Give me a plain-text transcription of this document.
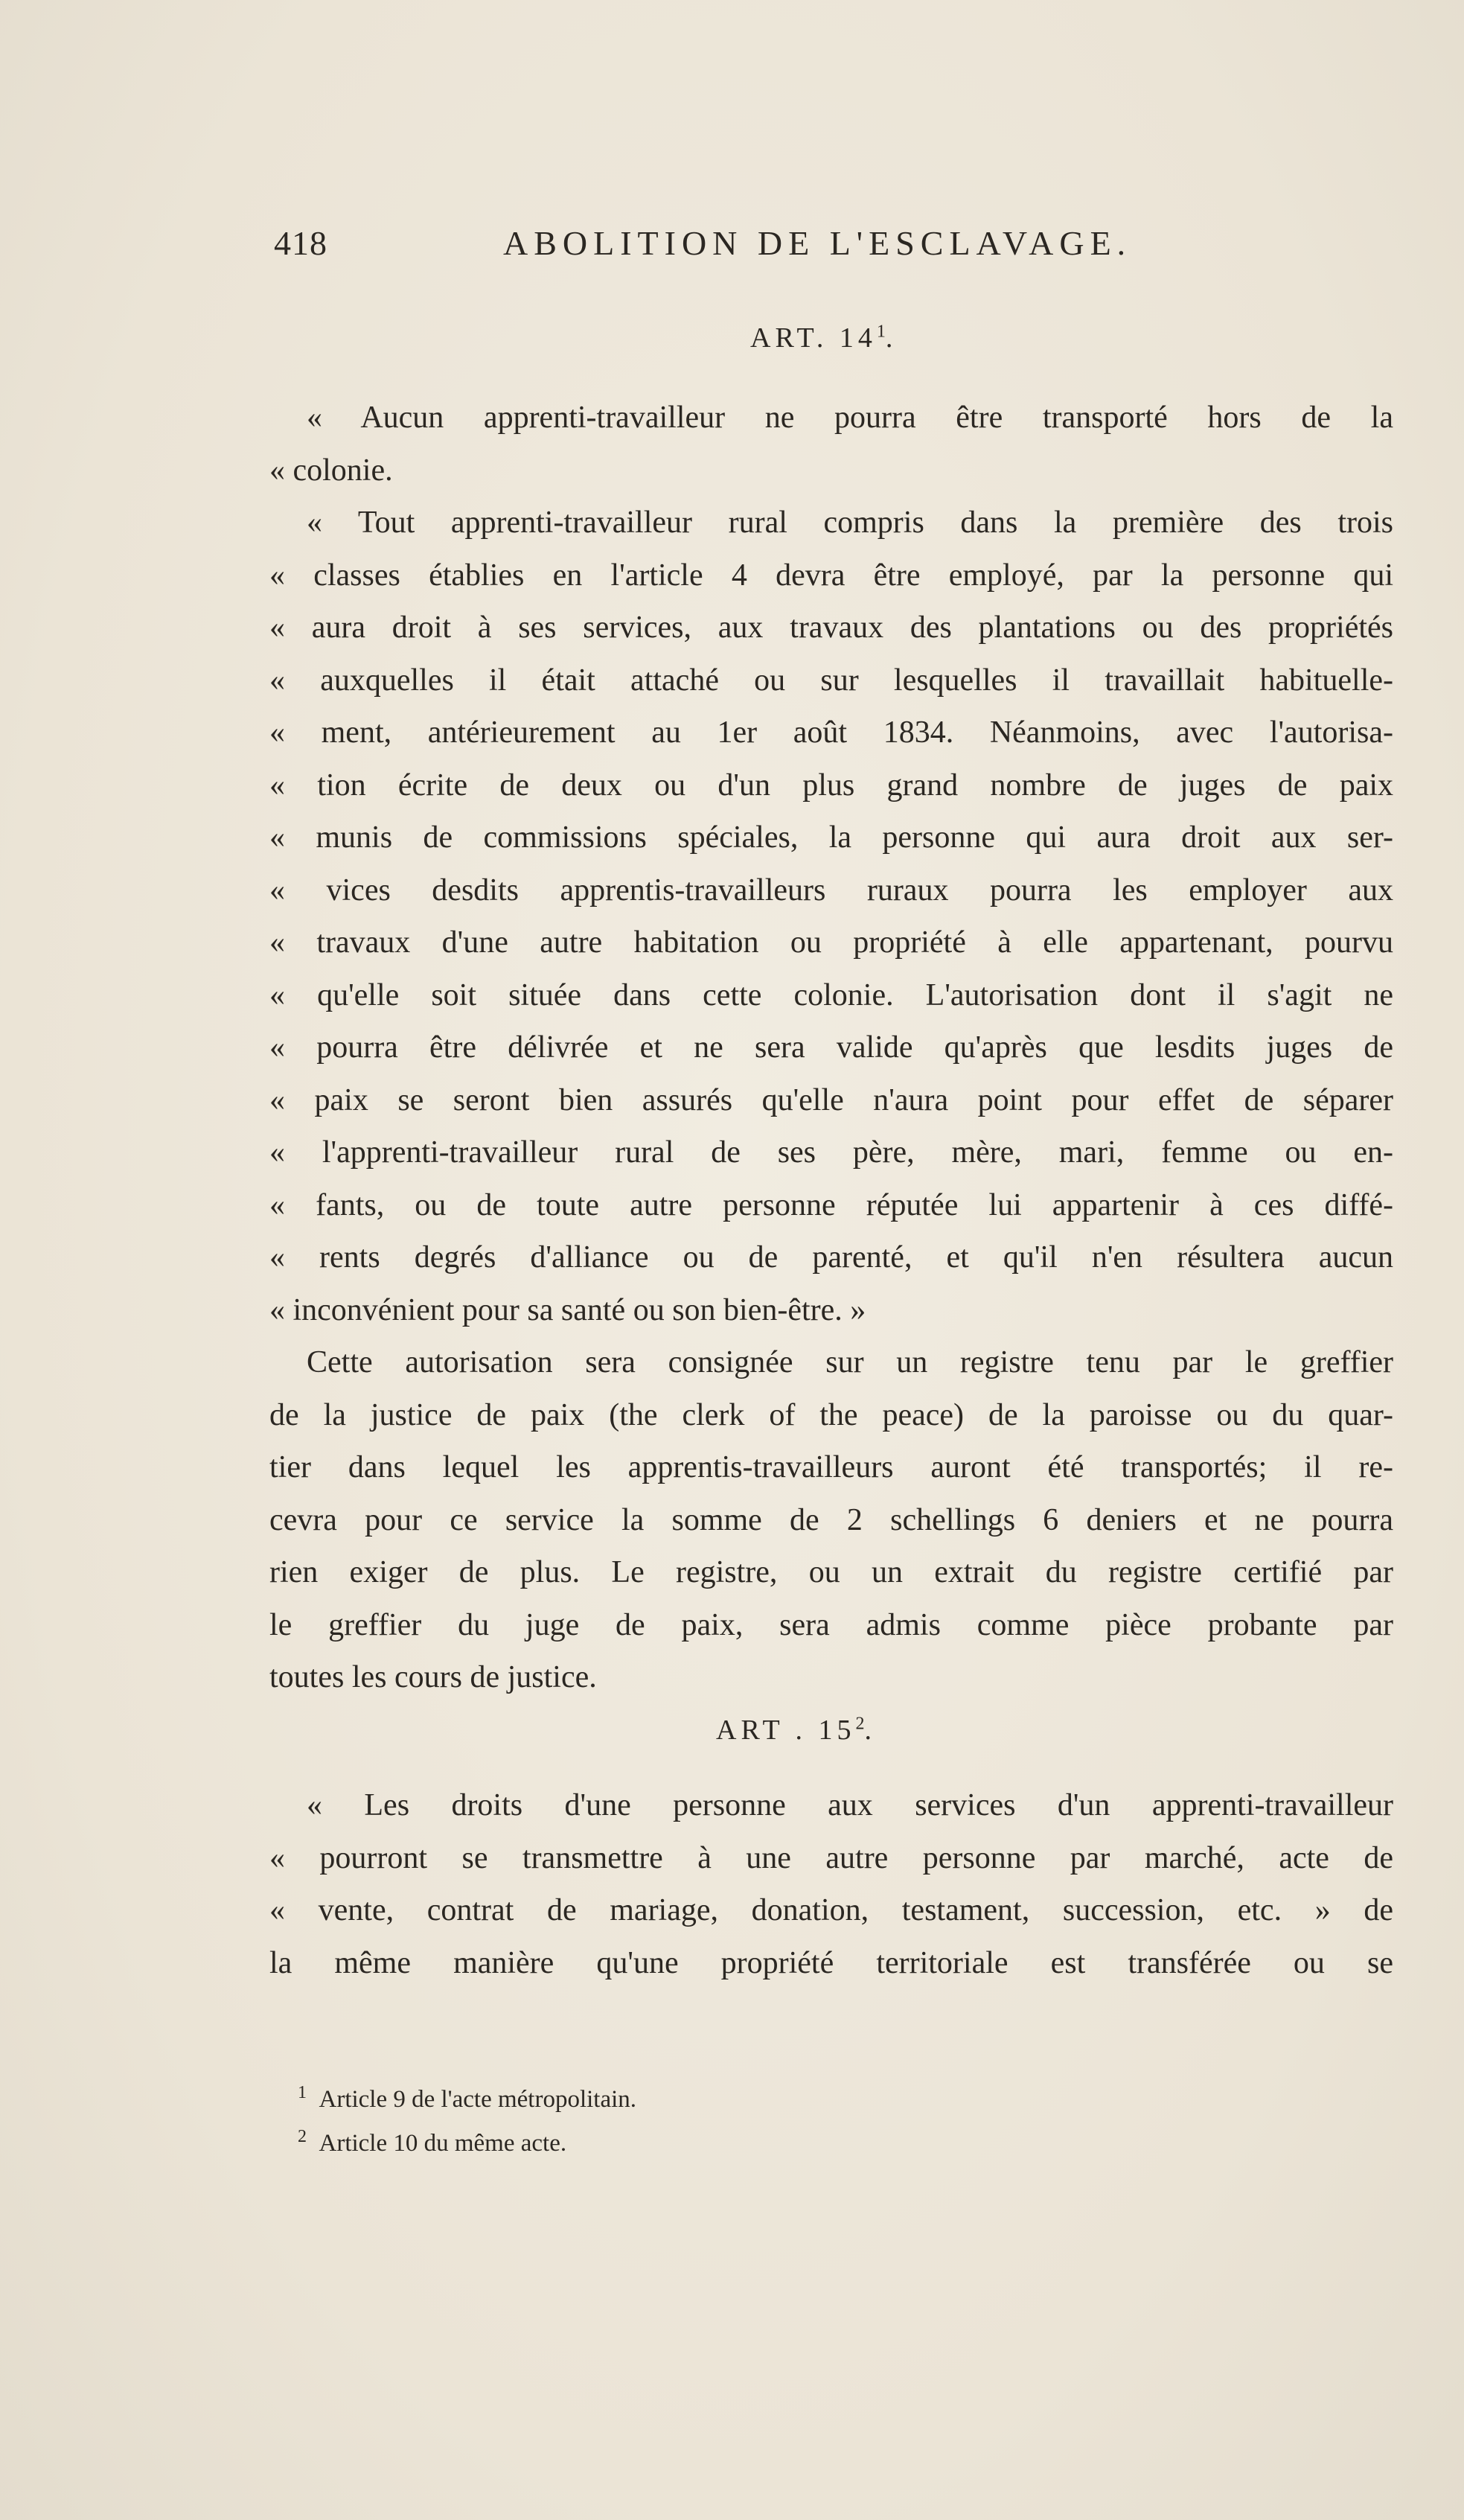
418	ABOLITION DE L'ESCLAVAGE.
ART. $14^1$.
« Aucun apprenti-travailleur ne pourra être transporté hors de la
« colonie.
« Tout apprenti-travailleur rural compris dans la première des trois
« classes établies en l'article 4 devra être employé, par la personne qui
« aura droit à ses services, aux travaux des plantations ou des propriétés
« auxquelles il était attaché ou sur lesquelles il travaillait habituelle-
« ment, antérieurement au 1er août 1834. Néanmoins, avec l'autorisa-
« tion écrite de deux ou d'un plus grand nombre de juges de paix
« munis de commissions spéciales, la personne qui aura droit aux ser-
« vices desdits apprentis-travailleurs ruraux pourra les employer aux
« travaux d'une autre habitation ou propriété à elle appartenant, pourvu
« qu'elle soit située dans cette colonie. L'autorisation dont il s'agit ne
« pourra être délivrée et ne sera valide qu'après que lesdits juges de
« paix se seront bien assurés qu'elle n'aura point pour effet de séparer
« l'apprenti-travailleur rural de ses père, mère, mari, femme ou en-
« fants, ou de toute autre personne réputée lui appartenir à ces diffé-
« rents degrés d'alliance ou de parenté, et qu'il n'en résultera aucun
« inconvénient pour sa santé ou son bien-être. »
Cette autorisation sera consignée sur un registre tenu par le greffier
de la justice de paix (the clerk of the peace) de la paroisse ou du quar-
tier dans lequel les apprentis-travailleurs auront été transportés; il re-
cevra pour ce service la somme de 2 schellings 6 deniers et ne pourra
rien exiger de plus. Le registre, ou un extrait du registre certifié par
le greffier du juge de paix, sera admis comme pièce probante par
toutes les cours de justice.
ART . $15^2$.
« Les droits d'une personne aux services d'un apprenti-travailleur
« pourront se transmettre à une autre personne par marché, acte de
« vente, contrat de mariage, donation, testament, succession, etc. » de
la même manière qu'une propriété territoriale est transférée ou se
$^1$ Article 9 de l'acte métropolitain.
$^2$ Article 10 du même acte.
